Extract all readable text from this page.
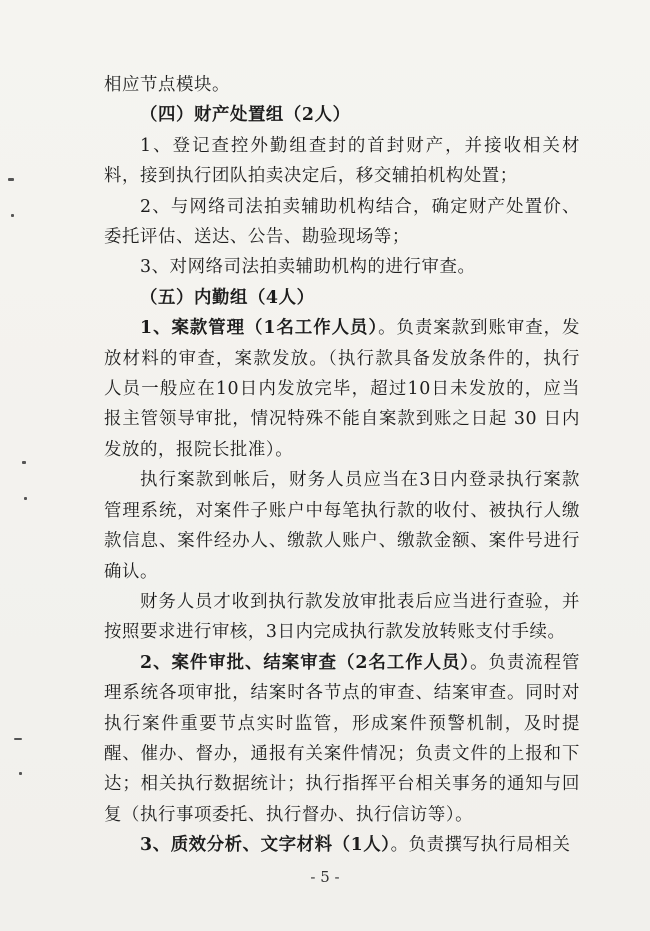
相应节点模块。

（四）财产处置组（2人）

1、登记查控外勤组查封的首封财产，并接收相关材料，接到执行团队拍卖决定后，移交辅拍机构处置；

2、与网络司法拍卖辅助机构结合，确定财产处置价、委托评估、送达、公告、勘验现场等；

3、对网络司法拍卖辅助机构的进行审查。

（五）内勤组（4人）

1、案款管理（1名工作人员）。负责案款到账审查，发放材料的审查，案款发放。（执行款具备发放条件的，执行人员一般应在10日内发放完毕，超过10日未发放的，应当报主管领导审批，情况特殊不能自案款到账之日起 30 日内发放的，报院长批准）。

执行案款到帐后，财务人员应当在3日内登录执行案款管理系统，对案件子账户中每笔执行款的收付、被执行人缴款信息、案件经办人、缴款人账户、缴款金额、案件号进行确认。

财务人员才收到执行款发放审批表后应当进行查验，并按照要求进行审核，3日内完成执行款发放转账支付手续。

2、案件审批、结案审查（2名工作人员）。负责流程管理系统各项审批，结案时各节点的审查、结案审查。同时对执行案件重要节点实时监管，形成案件预警机制，及时提醒、催办、督办，通报有关案件情况；负责文件的上报和下达；相关执行数据统计；执行指挥平台相关事务的通知与回复（执行事项委托、执行督办、执行信访等）。

3、质效分析、文字材料（1人）。负责撰写执行局相关

- 5 -
